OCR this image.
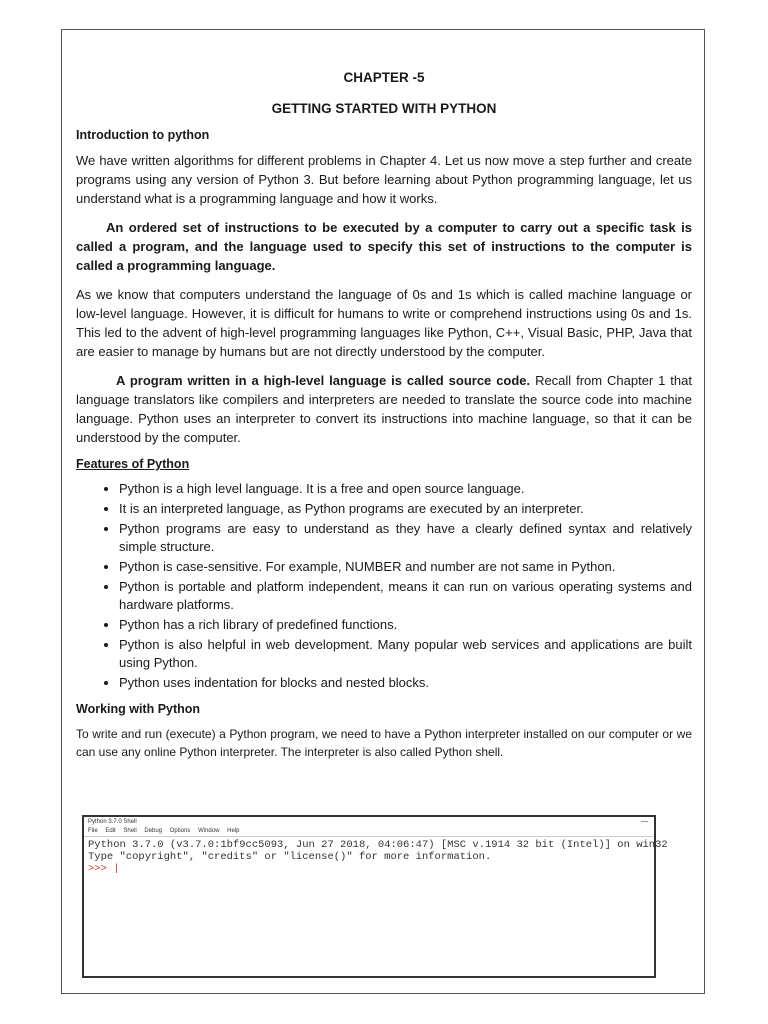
CHAPTER -5
GETTING STARTED WITH PYTHON
Introduction to python

We have written algorithms for different problems in Chapter 4. Let us now move a step further and create programs using any version of Python 3. But before learning about Python programming language, let us understand what is a programming language and how it works.

An ordered set of instructions to be executed by a computer to carry out a specific task is called a program, and the language used to specify this set of instructions to the computer is called a programming language.

As we know that computers understand the language of 0s and 1s which is called machine language or low-level language. However, it is difficult for humans to write or comprehend instructions using 0s and 1s. This led to the advent of high-level programming languages like Python, C++, Visual Basic, PHP, Java that are easier to manage by humans but are not directly understood by the computer.

A program written in a high-level language is called source code. Recall from Chapter 1 that language translators like compilers and interpreters are needed to translate the source code into machine language. Python uses an interpreter to convert its instructions into machine language, so that it can be understood by the computer.

Features of Python
• Python is a high level language. It is a free and open source language.
• It is an interpreted language, as Python programs are executed by an interpreter.
• Python programs are easy to understand as they have a clearly defined syntax and relatively simple structure.
• Python is case-sensitive. For example, NUMBER and number are not same in Python.
• Python is portable and platform independent, means it can run on various operating systems and hardware platforms.
• Python has a rich library of predefined functions.
• Python is also helpful in web development. Many popular web services and applications are built using Python.
• Python uses indentation for blocks and nested blocks.
Working with Python

To write and run (execute) a Python program, we need to have a Python interpreter installed on our computer or we can use any online Python interpreter. The interpreter is also called Python shell.

Python 3.7.0 Shell	—
File Edit Shell Debug Options Window Help
Python 3.7.0 (v3.7.0:1bf9cc5093, Jun 27 2018, 04:06:47) [MSC v.1914 32 bit (Intel)] on win32
Type "copyright", "credits" or "license()" for more information.
>>> |
